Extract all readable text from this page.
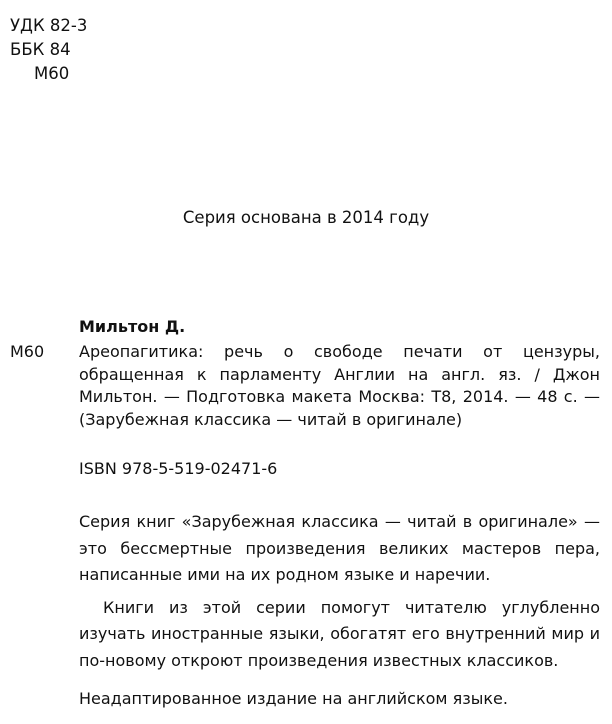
УДК 82-3
ББК 84
М60
Серия основана в 2014 году
Мильтон Д.
М60 Ареопагитика: речь о свободе печати от цензуры, обращенная к парламенту Англии на англ. яз. / Джон Мильтон. — Подготовка макета Москва: Т8, 2014. — 48 с. — (Зарубежная классика — читай в оригинале)
ISBN 978-5-519-02471-6

Серия книг «Зарубежная классика — читай в оригинале» — это бессмертные произведения великих мастеров пера, написанные ими на их родном языке и наречии.

Книги из этой серии помогут читателю углубленно изучать иностранные языки, обогатят его внутренний мир и по-новому откроют произведения известных классиков.

Неадаптированное издание на английском языке.
